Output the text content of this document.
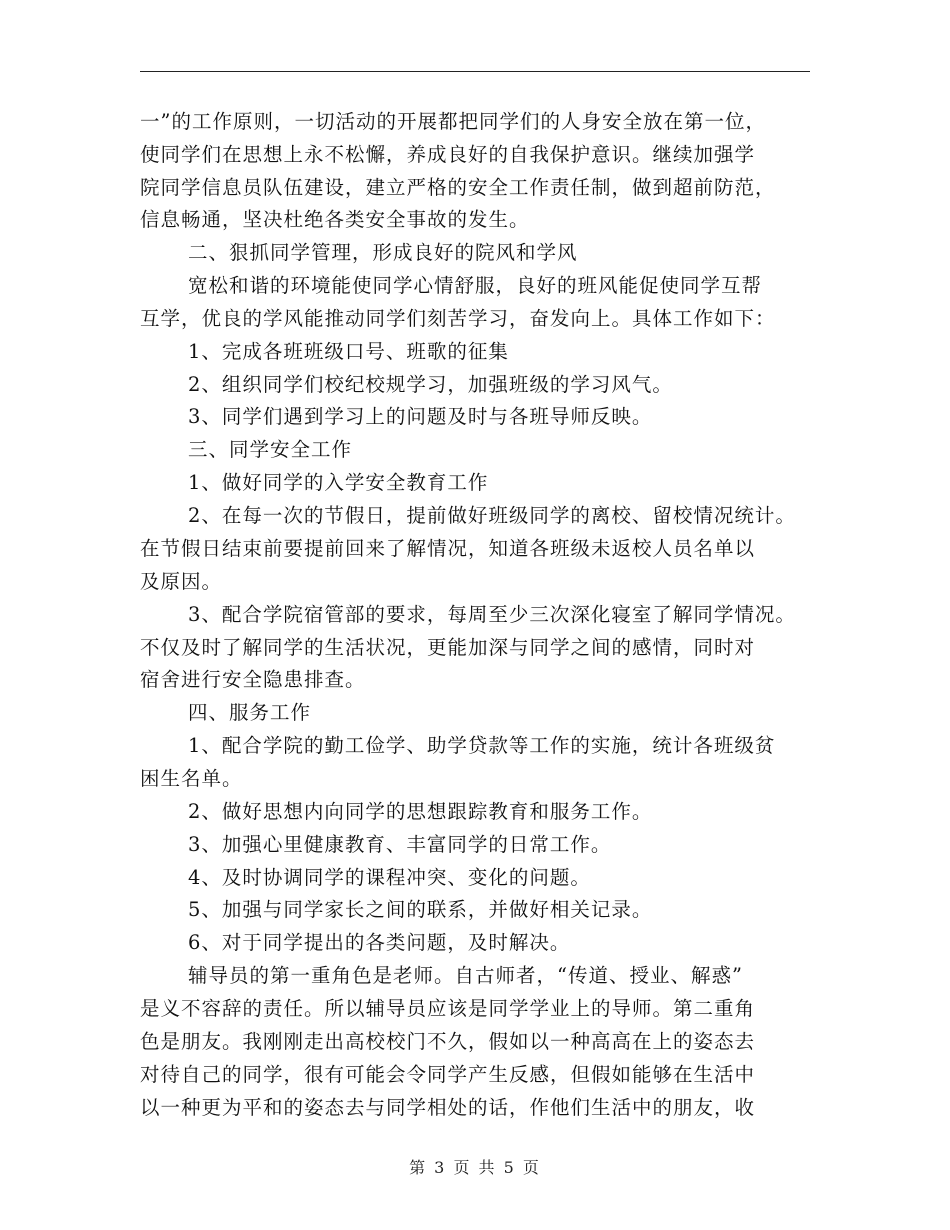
一”的工作原则，一切活动的开展都把同学们的人身安全放在第一位，
使同学们在思想上永不松懈，养成良好的自我保护意识。继续加强学
院同学信息员队伍建设，建立严格的安全工作责任制，做到超前防范，
信息畅通，坚决杜绝各类安全事故的发生。
二、狠抓同学管理，形成良好的院风和学风
宽松和谐的环境能使同学心情舒服，良好的班风能促使同学互帮
互学，优良的学风能推动同学们刻苦学习，奋发向上。具体工作如下：
1、完成各班班级口号、班歌的征集
2、组织同学们校纪校规学习，加强班级的学习风气。
3、同学们遇到学习上的问题及时与各班导师反映。
三、同学安全工作
1、做好同学的入学安全教育工作
2、在每一次的节假日，提前做好班级同学的离校、留校情况统计。
在节假日结束前要提前回来了解情况，知道各班级未返校人员名单以
及原因。
3、配合学院宿管部的要求，每周至少三次深化寝室了解同学情况。
不仅及时了解同学的生活状况，更能加深与同学之间的感情，同时对
宿舍进行安全隐患排查。
四、服务工作
1、配合学院的勤工俭学、助学贷款等工作的实施，统计各班级贫
困生名单。
2、做好思想内向同学的思想跟踪教育和服务工作。
3、加强心里健康教育、丰富同学的日常工作。
4、及时协调同学的课程冲突、变化的问题。
5、加强与同学家长之间的联系，并做好相关记录。
6、对于同学提出的各类问题，及时解决。
辅导员的第一重角色是老师。自古师者，“传道、授业、解惑”
是义不容辞的责任。所以辅导员应该是同学学业上的导师。第二重角
色是朋友。我刚刚走出高校校门不久，假如以一种高高在上的姿态去
对待自己的同学，很有可能会令同学产生反感，但假如能够在生活中
以一种更为平和的姿态去与同学相处的话，作他们生活中的朋友，收
第 3 页 共 5 页
